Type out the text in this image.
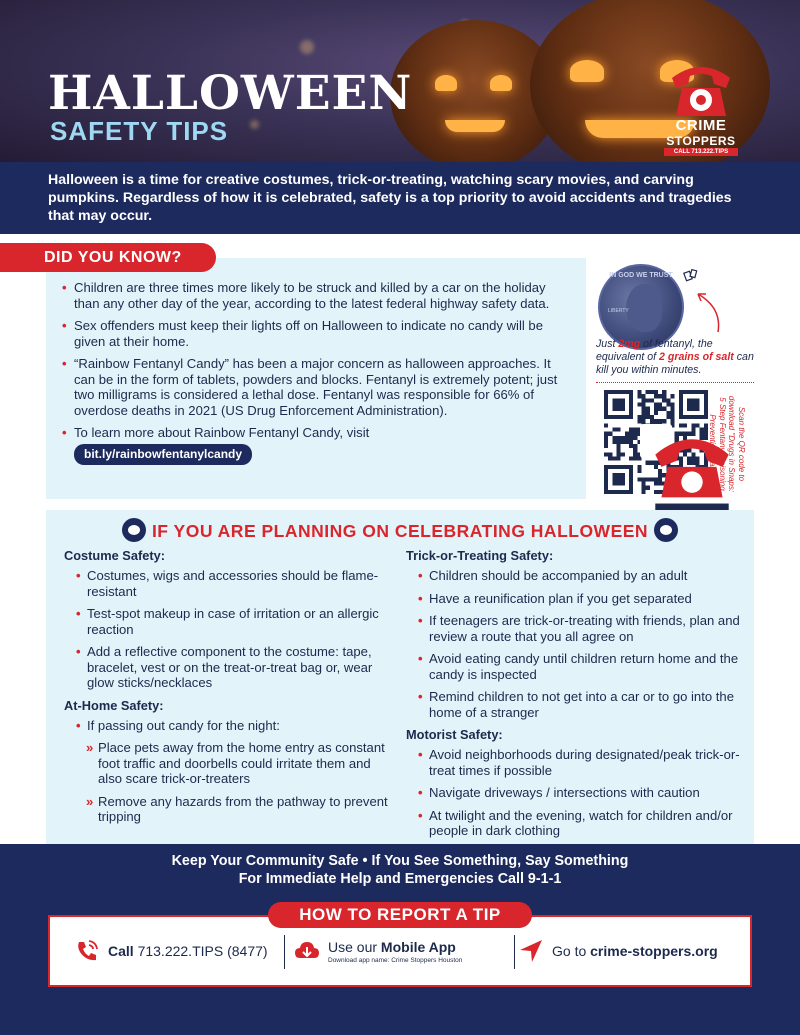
HALLOWEEN
SAFETY TIPS	CRIME
STOPPERS
CALL 713.222.TIPS
Halloween is a time for creative costumes, trick-or-treating, watching scary movies, and carving pumpkins. Regardless of how it is celebrated, safety is a top priority to avoid accidents and tragedies that may occur.
DID YOU KNOW?
• Children are three times more likely to be struck and killed by a car on the holiday than any other day of the year, according to the latest federal highway safety data.
• Sex offenders must keep their lights off on Halloween to indicate no candy will be given at their home.
• “Rainbow Fentanyl Candy” has been a major concern as halloween approaches. It can be in the form of tablets, powders and blocks. Fentanyl is extremely potent; just two milligrams is considered a lethal dose. Fentanyl was responsible for 66% of overdose deaths in 2021 (US Drug Enforcement Administration).
• To learn more about Rainbow Fentanyl Candy, visit
bit.ly/rainbowfentanylcandy
IN GOD WE TRUST
LIBERTY
Just 2mg of fentanyl, the equivalent of 2 grains of salt can kill you within minutes.
Scan the QR code to download "Drugs in Snaps: 5 Step Fentanyl Poisoning Prevention Plan"
IF YOU ARE PLANNING ON CELEBRATING HALLOWEEN
Costume Safety:
• Costumes, wigs and accessories should be flame-resistant
• Test-spot makeup in case of irritation or an allergic reaction
• Add a reflective component to the costume: tape, bracelet, vest or on the treat-or-treat bag or, wear glow sticks/necklaces
At-Home Safety:
• If passing out candy for the night:
» Place pets away from the home entry as constant foot traffic and doorbells could irritate them and also scare trick-or-treaters
» Remove any hazards from the pathway to prevent tripping
Trick-or-Treating Safety:
• Children should be accompanied by an adult
• Have a reunification plan if you get separated
• If teenagers are trick-or-treating with friends, plan and review a route that you all agree on
• Avoid eating candy until children return home and the candy is inspected
• Remind children to not get into a car or to go into the home of a stranger
Motorist Safety:
• Avoid neighborhoods during designated/peak trick-or-treat times if possible
• Navigate driveways / intersections with caution
• At twilight and the evening, watch for children and/or people in dark clothing
Keep Your Community Safe • If You See Something, Say Something
For Immediate Help and Emergencies Call 9-1-1
HOW TO REPORT A TIP
Call 713.222.TIPS (8477)	Use our Mobile App
Download app name: Crime Stoppers Houston
Go to crime-stoppers.org
